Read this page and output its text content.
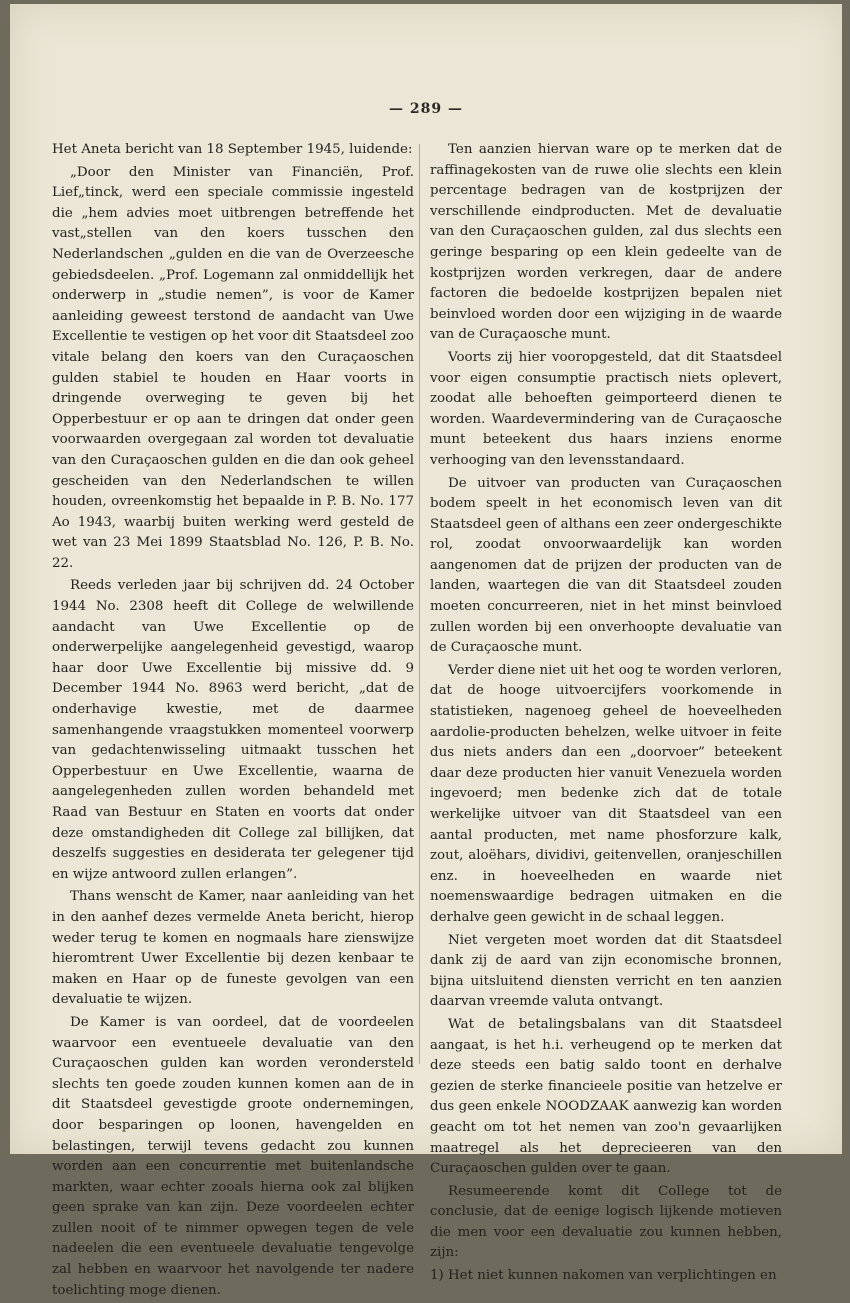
— 289 —

Het Aneta bericht van 18 September 1945, luidende:

„Door den Minister van Financiën, Prof. Lief„tinck, werd een speciale commissie ingesteld die „hem advies moet uitbrengen betreffende het vast„stellen van den koers tusschen den Nederlandschen „gulden en die van de Overzeesche gebiedsdeelen. „Prof. Logemann zal onmiddellijk het onderwerp in „studie nemen”, is voor de Kamer aanleiding geweest terstond de aandacht van Uwe Excellentie te vestigen op het voor dit Staatsdeel zoo vitale belang den koers van den Curaçaoschen gulden stabiel te houden en Haar voorts in dringende overweging te geven bij het Opperbestuur er op aan te dringen dat onder geen voorwaarden overgegaan zal worden tot devaluatie van den Curaçaoschen gulden en die dan ook geheel gescheiden van den Nederlandschen te willen houden, ovreenkomstig het bepaalde in P. B. No. 177 Ao 1943, waarbij buiten werking werd gesteld de wet van 23 Mei 1899 Staatsblad No. 126, P. B. No. 22.

Reeds verleden jaar bij schrijven dd. 24 October 1944 No. 2308 heeft dit College de welwillende aandacht van Uwe Excellentie op de onderwerpelijke aangelegenheid gevestigd, waarop haar door Uwe Excellentie bij missive dd. 9 December 1944 No. 8963 werd bericht, „dat de onderhavige kwestie, met de daarmee samenhangende vraagstukken momenteel voorwerp van gedachtenwisseling uitmaakt tusschen het Opperbestuur en Uwe Excellentie, waarna de aangelegenheden zullen worden behandeld met Raad van Bestuur en Staten en voorts dat onder deze omstandigheden dit College zal billijken, dat deszelfs suggesties en desiderata ter gelegener tijd en wijze antwoord zullen erlangen”.

Thans wenscht de Kamer, naar aanleiding van het in den aanhef dezes vermelde Aneta bericht, hierop weder terug te komen en nogmaals hare zienswijze hieromtrent Uwer Excellentie bij dezen kenbaar te maken en Haar op de funeste gevolgen van een devaluatie te wijzen.

De Kamer is van oordeel, dat de voordeelen waarvoor een eventueele devaluatie van den Curaçaoschen gulden kan worden verondersteld slechts ten goede zouden kunnen komen aan de in dit Staatsdeel gevestigde groote ondernemingen, door besparingen op loonen, havengelden en belastingen, terwijl tevens gedacht zou kunnen worden aan een concurrentie met buitenlandsche markten, waar echter zooals hierna ook zal blijken geen sprake van kan zijn. Deze voordeelen echter zullen nooit of te nimmer opwegen tegen de vele nadeelen die een eventueele devaluatie tengevolge zal hebben en waarvoor het navolgende ter nadere toelichting moge dienen.

Ten aanzien hiervan ware op te merken dat de raffinagekosten van de ruwe olie slechts een klein percentage bedragen van de kostprijzen der verschillende eindproducten. Met de devaluatie van den Curaçaoschen gulden, zal dus slechts een geringe besparing op een klein gedeelte van de kostprijzen worden verkregen, daar de andere factoren die bedoelde kostprijzen bepalen niet beinvloed worden door een wijziging in de waarde van de Curaçaosche munt.

Voorts zij hier vooropgesteld, dat dit Staatsdeel voor eigen consumptie practisch niets oplevert, zoodat alle behoeften geimporteerd dienen te worden. Waardevermindering van de Curaçaosche munt beteekent dus haars inziens enorme verhooging van den levensstandaard.

De uitvoer van producten van Curaçaoschen bodem speelt in het economisch leven van dit Staatsdeel geen of althans een zeer ondergeschikte rol, zoodat onvoorwaardelijk kan worden aangenomen dat de prijzen der producten van de landen, waartegen die van dit Staatsdeel zouden moeten concurreeren, niet in het minst beinvloed zullen worden bij een onverhoopte devaluatie van de Curaçaosche munt.

Verder diene niet uit het oog te worden verloren, dat de hooge uitvoercijfers voorkomende in statistieken, nagenoeg geheel de hoeveelheden aardolie-producten behelzen, welke uitvoer in feite dus niets anders dan een „doorvoer” beteekent daar deze producten hier vanuit Venezuela worden ingevoerd; men bedenke zich dat de totale werkelijke uitvoer van dit Staatsdeel van een aantal producten, met name phosforzure kalk, zout, aloëhars, dividivi, geitenvellen, oranjeschillen enz. in hoeveelheden en waarde niet noemenswaardige bedragen uitmaken en die derhalve geen gewicht in de schaal leggen.

Niet vergeten moet worden dat dit Staatsdeel dank zij de aard van zijn economische bronnen, bijna uitsluitend diensten verricht en ten aanzien daarvan vreemde valuta ontvangt.

Wat de betalingsbalans van dit Staatsdeel aangaat, is het h.i. verheugend op te merken dat deze steeds een batig saldo toont en derhalve gezien de sterke financieele positie van hetzelve er dus geen enkele NOODZAAK aanwezig kan worden geacht om tot het nemen van zoo'n gevaarlijken maatregel als het deprecieeren van den Curaçaoschen gulden over te gaan.

Resumeerende komt dit College tot de conclusie, dat de eenige logisch lijkende motieven die men voor een devaluatie zou kunnen hebben, zijn:

1) Het niet kunnen nakomen van verplichtingen en
